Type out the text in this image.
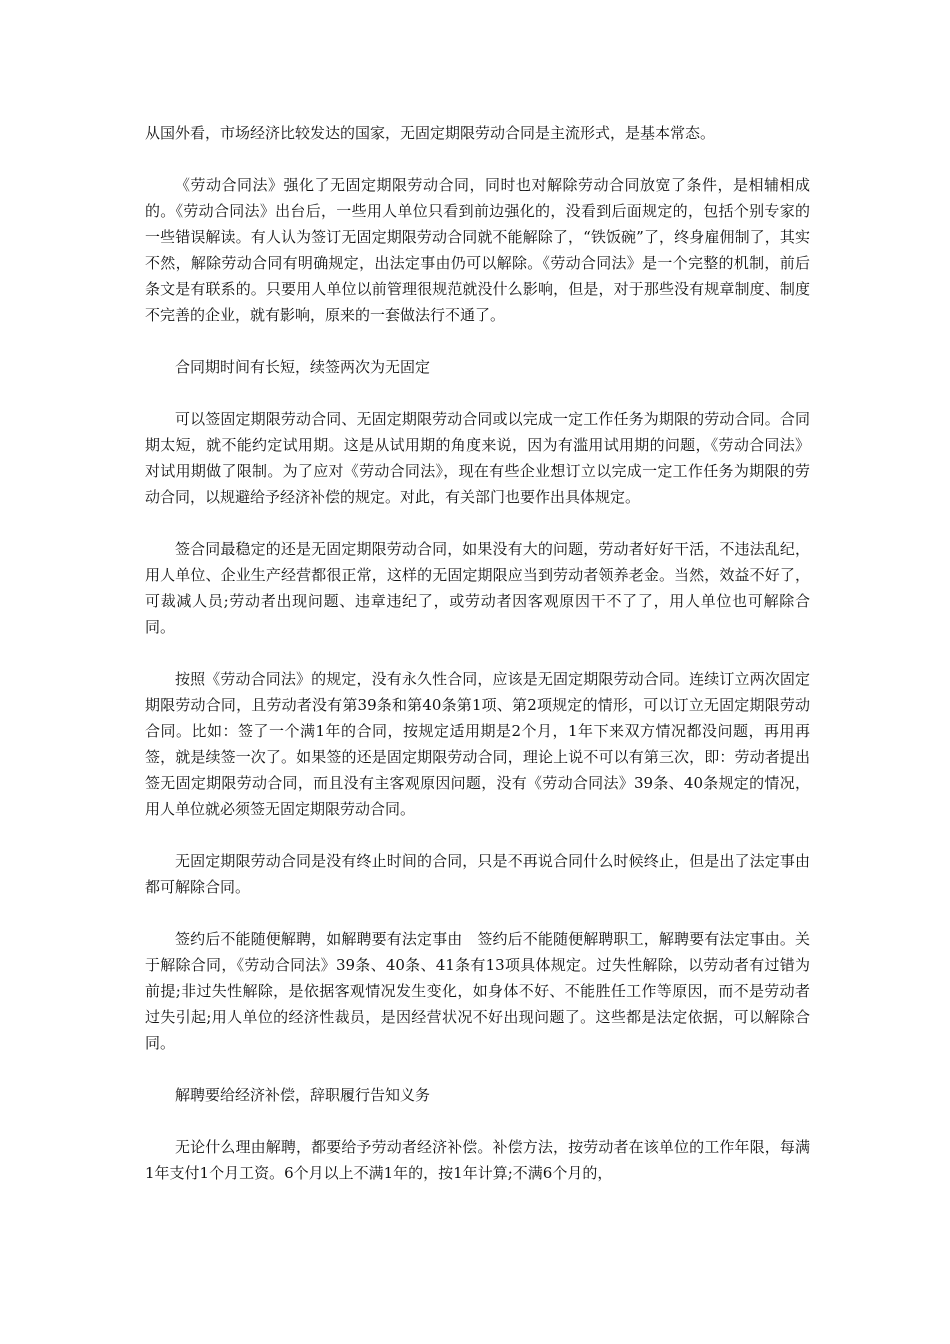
从国外看，市场经济比较发达的国家，无固定期限劳动合同是主流形式，是基本常态。

《劳动合同法》强化了无固定期限劳动合同，同时也对解除劳动合同放宽了条件，是相辅相成的。《劳动合同法》出台后，一些用人单位只看到前边强化的，没看到后面规定的，包括个别专家的一些错误解读。有人认为签订无固定期限劳动合同就不能解除了，“铁饭碗”了，终身雇佣制了，其实不然，解除劳动合同有明确规定，出法定事由仍可以解除。《劳动合同法》是一个完整的机制，前后条文是有联系的。只要用人单位以前管理很规范就没什么影响，但是，对于那些没有规章制度、制度不完善的企业，就有影响，原来的一套做法行不通了。

合同期时间有长短，续签两次为无固定

可以签固定期限劳动合同、无固定期限劳动合同或以完成一定工作任务为期限的劳动合同。合同期太短，就不能约定试用期。这是从试用期的角度来说，因为有滥用试用期的问题，《劳动合同法》对试用期做了限制。为了应对《劳动合同法》，现在有些企业想订立以完成一定工作任务为期限的劳动合同，以规避给予经济补偿的规定。对此，有关部门也要作出具体规定。

签合同最稳定的还是无固定期限劳动合同，如果没有大的问题，劳动者好好干活，不违法乱纪，用人单位、企业生产经营都很正常，这样的无固定期限应当到劳动者领养老金。当然，效益不好了，可裁减人员;劳动者出现问题、违章违纪了，或劳动者因客观原因干不了了，用人单位也可解除合同。

按照《劳动合同法》的规定，没有永久性合同，应该是无固定期限劳动合同。连续订立两次固定期限劳动合同，且劳动者没有第39条和第40条第1项、第2项规定的情形，可以订立无固定期限劳动合同。比如：签了一个满1年的合同，按规定适用期是2个月，1年下来双方情况都没问题，再用再签，就是续签一次了。如果签的还是固定期限劳动合同，理论上说不可以有第三次，即：劳动者提出签无固定期限劳动合同，而且没有主客观原因问题，没有《劳动合同法》39条、40条规定的情况，用人单位就必须签无固定期限劳动合同。

无固定期限劳动合同是没有终止时间的合同，只是不再说合同什么时候终止，但是出了法定事由都可解除合同。

签约后不能随便解聘，如解聘要有法定事由　签约后不能随便解聘职工，解聘要有法定事由。关于解除合同，《劳动合同法》39条、40条、41条有13项具体规定。过失性解除，以劳动者有过错为前提;非过失性解除，是依据客观情况发生变化，如身体不好、不能胜任工作等原因，而不是劳动者过失引起;用人单位的经济性裁员，是因经营状况不好出现问题了。这些都是法定依据，可以解除合同。

解聘要给经济补偿，辞职履行告知义务

无论什么理由解聘，都要给予劳动者经济补偿。补偿方法，按劳动者在该单位的工作年限，每满1年支付1个月工资。6个月以上不满1年的，按1年计算;不满6个月的，
